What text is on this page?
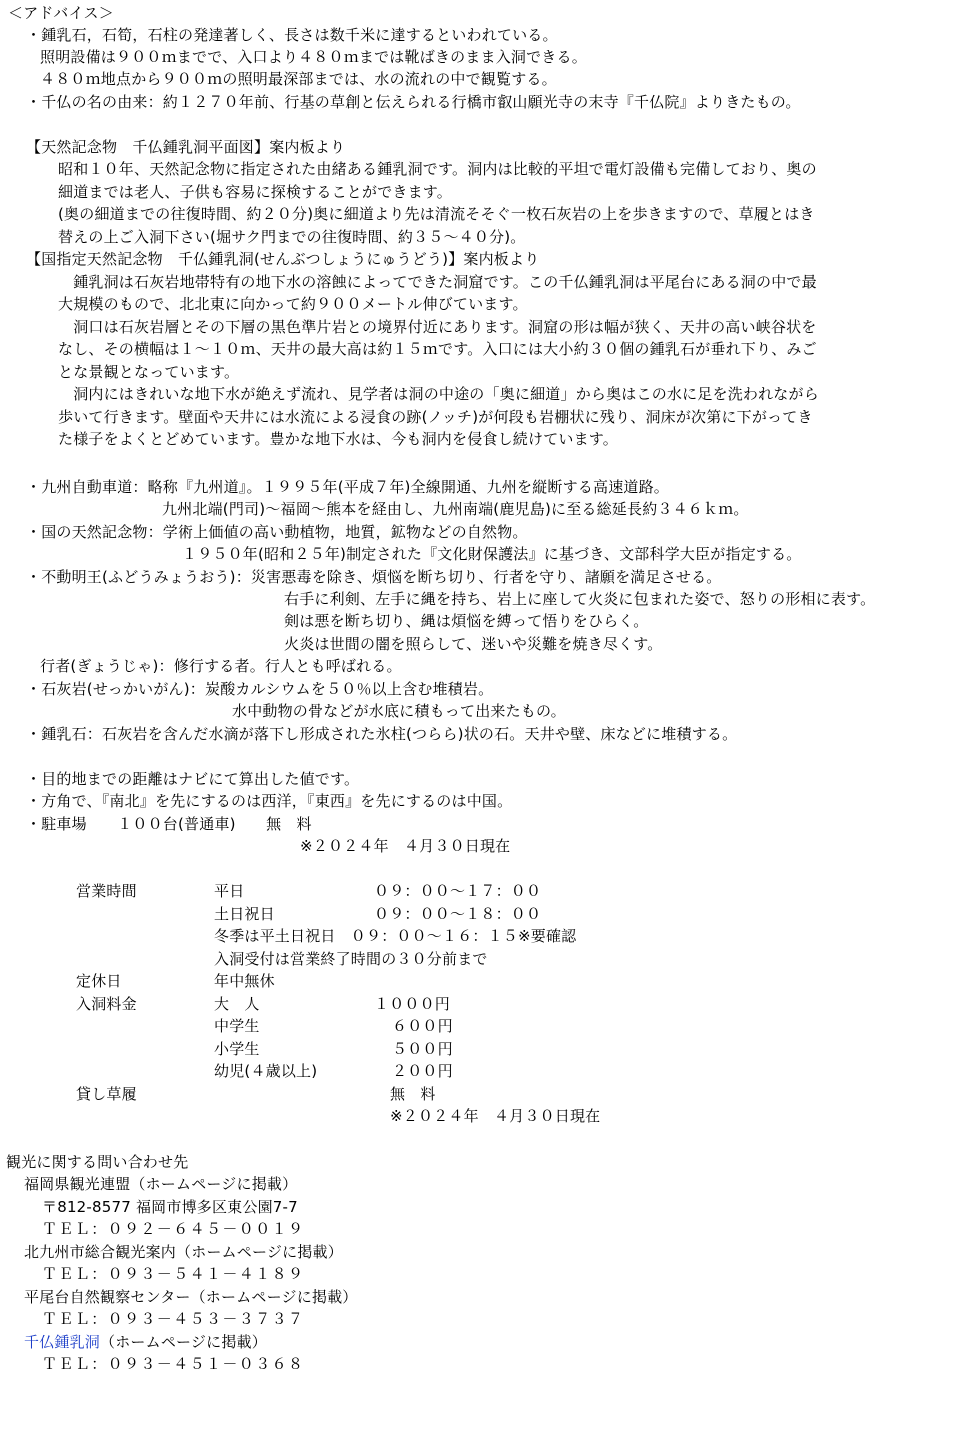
＜アドバイス＞
・鍾乳石，石筍，石柱の発達著しく、長さは数千米に達するといわれている。
照明設備は９００ｍまでで、入口より４８０ｍまでは靴ばきのまま入洞できる。
４８０ｍ地点から９００ｍの照明最深部までは、水の流れの中で観覧する。
・千仏の名の由来：約１２７０年前、行基の草創と伝えられる行橋市叡山願光寺の末寺『千仏院』よりきたもの。
【天然記念物　千仏鍾乳洞平面図】案内板より
昭和１０年、天然記念物に指定された由緒ある鍾乳洞です。洞内は比較的平坦で電灯設備も完備しており、奥の
細道までは老人、子供も容易に探検することができます。
(奥の細道までの往復時間、約２０分)奥に細道より先は清流そそぐ一枚石灰岩の上を歩きますので、草履とはき
替えの上ご入洞下さい(堀サク門までの往復時間、約３５～４０分)。
【国指定天然記念物　千仏鍾乳洞(せんぶつしょうにゅうどう)】案内板より
　鍾乳洞は石灰岩地帯特有の地下水の溶蝕によってできた洞窟です。この千仏鍾乳洞は平尾台にある洞の中で最
大規模のもので、北北東に向かって約９００メートル伸びています。
　洞口は石灰岩層とその下層の黒色準片岩との境界付近にあります。洞窟の形は幅が狭く、天井の高い峡谷状を
なし、その横幅は１～１０ｍ、天井の最大高は約１５ｍです。入口には大小約３０個の鍾乳石が垂れ下り、みご
とな景観となっています。
　洞内にはきれいな地下水が絶えず流れ、見学者は洞の中途の「奥に細道」から奥はこの水に足を洗われながら
歩いて行きます。壁面や天井には水流による浸食の跡(ノッチ)が何段も岩棚状に残り、洞床が次第に下がってき
た様子をよくとどめています。豊かな地下水は、今も洞内を侵食し続けています。
・九州自動車道：略称『九州道』。１９９５年(平成７年)全線開通、九州を縦断する高速道路。
九州北端(門司)～福岡～熊本を経由し、九州南端(鹿児島)に至る総延長約３４６ｋｍ。
・国の天然記念物：学術上価値の高い動植物，地質，鉱物などの自然物。
１９５０年(昭和２５年)制定された『文化財保護法』に基づき、文部科学大臣が指定する。
・不動明王(ふどうみょうおう)：災害悪毒を除き、煩悩を断ち切り、行者を守り、諸願を満足させる。
右手に利剣、左手に縄を持ち、岩上に座して火炎に包まれた姿で、怒りの形相に表す。
剣は悪を断ち切り、縄は煩悩を縛って悟りをひらく。
火炎は世間の闇を照らして、迷いや災難を焼き尽くす。
行者(ぎょうじゃ)：修行する者。行人とも呼ばれる。
・石灰岩(せっかいがん)：炭酸カルシウムを５０％以上含む堆積岩。
水中動物の骨などが水底に積もって出来たもの。
・鍾乳石：石灰岩を含んだ水滴が落下し形成された氷柱(つらら)状の石。天井や壁、床などに堆積する。
・目的地までの距離はナビにて算出した値です。
・方角で、『南北』を先にするのは西洋，『東西』を先にするのは中国。
・駐車場　　１００台(普通車)　　無　料
※２０２４年　４月３０日現在
営業時間	平日	０９：００～１７：００
土日祝日	０９：００～１８：００
冬季は平土日祝日　０９：００～１６：１５※要確認
入洞受付は営業終了時間の３０分前まで
定休日	年中無休
入洞料金	大　人	１０００円
中学生	６００円
小学生	５００円
幼児(４歳以上)	２００円
貸し草履	無　料
※２０２４年　４月３０日現在
観光に関する問い合わせ先
福岡県観光連盟（ホームページに掲載）
〒812-8577 福岡市博多区東公園7-7
ＴＥＬ：０９２－６４５－００１９
北九州市総合観光案内（ホームページに掲載）
ＴＥＬ：０９３－５４１－４１８９
平尾台自然観察センター（ホームページに掲載）
ＴＥＬ：０９３－４５３－３７３７
千仏鍾乳洞（ホームページに掲載）
ＴＥＬ：０９３－４５１－０３６８
